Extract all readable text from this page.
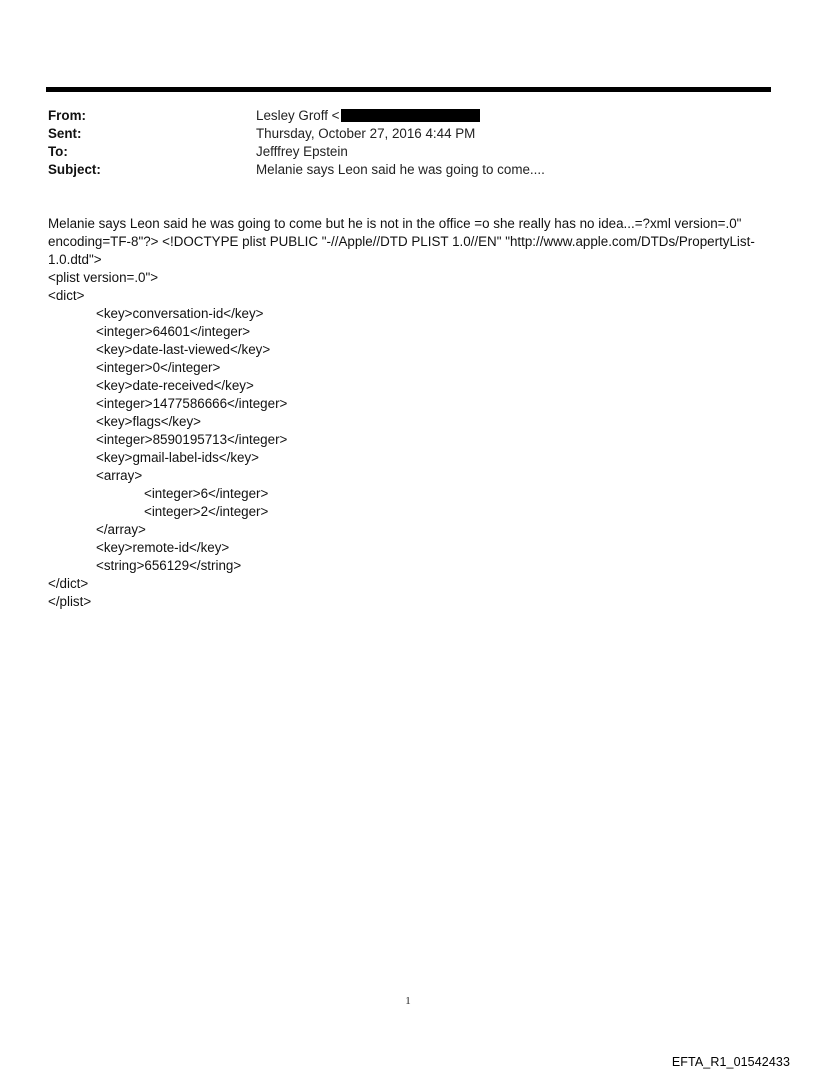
From:	Lesley Groff <
Sent:	Thursday, October 27, 2016 4:44 PM
To:	Jefffrey Epstein
Subject:	Melanie says Leon said he was going to come....

Melanie says Leon said he was going to come but he is not in the office =o she really has no idea...=?xml version=.0" encoding=TF-8"?> <!DOCTYPE plist PUBLIC "-//Apple//DTD PLIST 1.0//EN" "http://www.apple.com/DTDs/PropertyList-1.0.dtd">

<plist version=.0">

<dict>

<key>conversation-id</key>

<integer>64601</integer>

<key>date-last-viewed</key>

<integer>0</integer>

<key>date-received</key>

<integer>1477586666</integer>

<key>flags</key>

<integer>8590195713</integer>

<key>gmail-label-ids</key>

<array>

<integer>6</integer>

<integer>2</integer>

</array>

<key>remote-id</key>

<string>656129</string>

</dict>

</plist>

1
EFTA_R1_01542433
